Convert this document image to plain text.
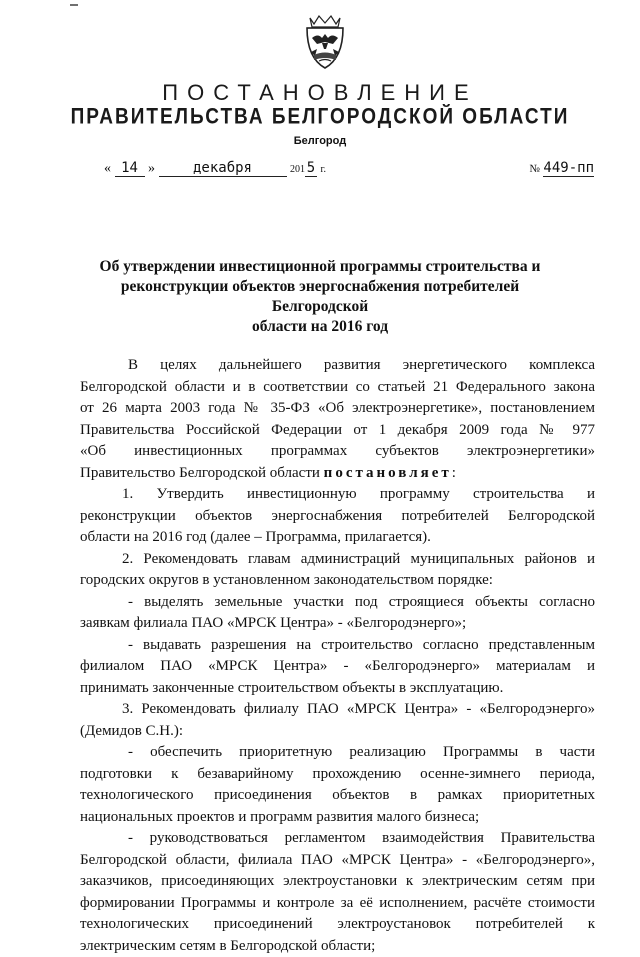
ПОСТАНОВЛЕНИЕ
ПРАВИТЕЛЬСТВА БЕЛГОРОДСКОЙ ОБЛАСТИ
Белгород
« 14 »	декабря	201 5 г.	№ 449-пп
Об утверждении инвестиционной программы строительства и
реконструкции объектов энергоснабжения потребителей Белгородской
области на 2016 год

В целях дальнейшего развития энергетического комплекса

Белгородской области и в соответствии со статьей 21 Федерального закона

от 26 марта 2003 года № 35-ФЗ «Об электроэнергетике», постановлением

Правительства Российской Федерации от 1 декабря 2009 года № 977

«Об инвестиционных программах субъектов электроэнергетики»

Правительство Белгородской области постановляет:

1. Утвердить инвестиционную программу строительства и

реконструкции объектов энергоснабжения потребителей Белгородской

области на 2016 год (далее – Программа, прилагается).

2. Рекомендовать главам администраций муниципальных районов и

городских округов в установленном законодательством порядке:

- выделять земельные участки под строящиеся объекты согласно

заявкам филиала ПАО «МРСК Центра» - «Белгородэнерго»;

- выдавать разрешения на строительство согласно представленным

филиалом ПАО «МРСК Центра» - «Белгородэнерго» материалам и

принимать законченные строительством объекты в эксплуатацию.

3. Рекомендовать филиалу ПАО «МРСК Центра» - «Белгородэнерго»

(Демидов С.Н.):

- обеспечить приоритетную реализацию Программы в части

подготовки к безаварийному прохождению осенне-зимнего периода,

технологического присоединения объектов в рамках приоритетных

национальных проектов и программ развития малого бизнеса;

- руководствоваться регламентом взаимодействия Правительства

Белгородской области, филиала ПАО «МРСК Центра» - «Белгородэнерго»,

заказчиков, присоединяющих электроустановки к электрическим сетям при

формировании Программы и контроле за её исполнением, расчёте стоимости

технологических присоединений электроустановок потребителей к

электрическим сетям в Белгородской области;
